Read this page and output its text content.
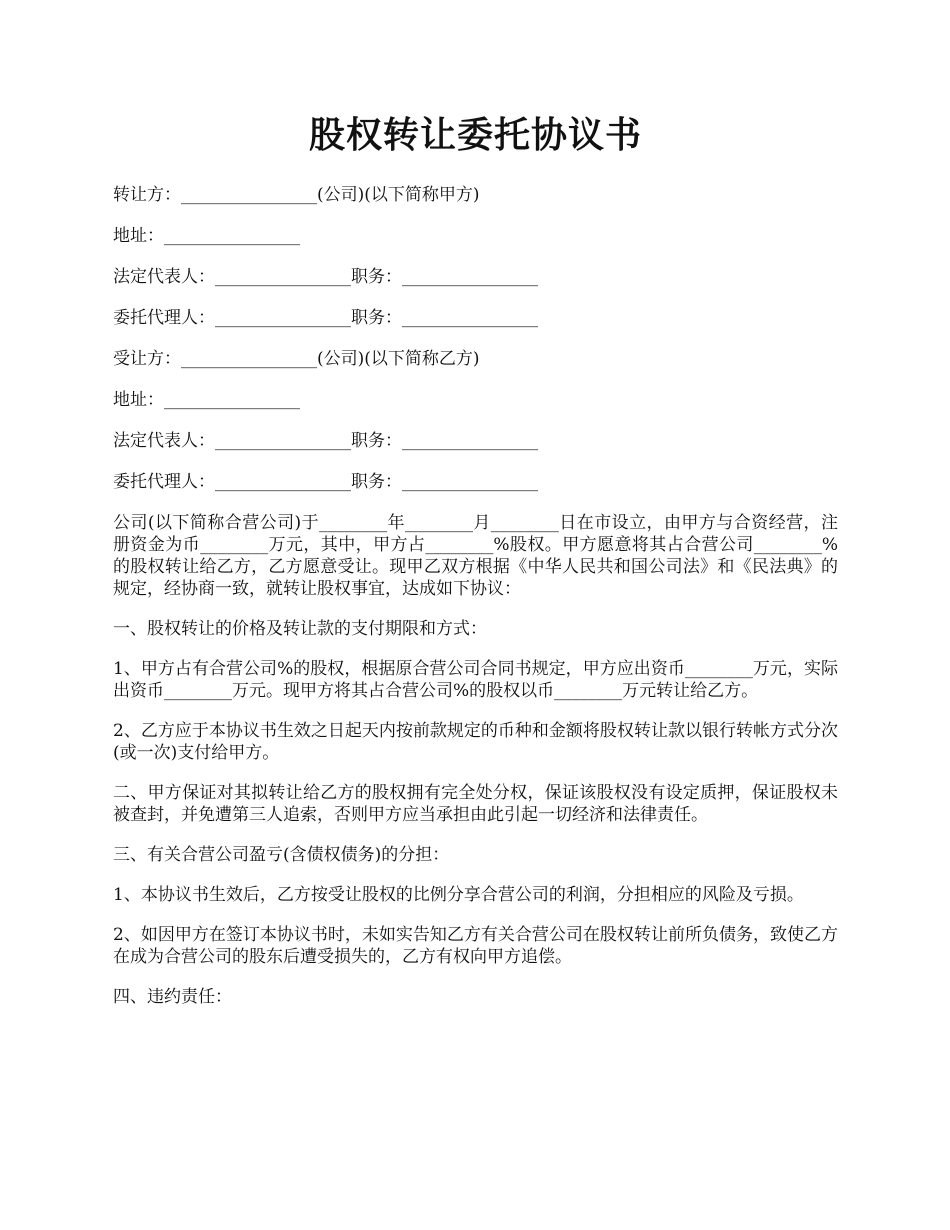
股权转让委托协议书

转让方：________________(公司)(以下简称甲方)

地址：________________

法定代表人：________________职务：________________

委托代理人：________________职务：________________

受让方：________________(公司)(以下简称乙方)

地址：________________

法定代表人：________________职务：________________

委托代理人：________________职务：________________

公司(以下简称合营公司)于________年________月________日在市设立，由甲方与合资经营，注册资金为币________万元，其中，甲方占________%股权。甲方愿意将其占合营公司________%的股权转让给乙方，乙方愿意受让。现甲乙双方根据《中华人民共和国公司法》和《民法典》的规定，经协商一致，就转让股权事宜，达成如下协议：

一、股权转让的价格及转让款的支付期限和方式：

1、甲方占有合营公司%的股权，根据原合营公司合同书规定，甲方应出资币________万元，实际出资币________万元。现甲方将其占合营公司%的股权以币________万元转让给乙方。

2、乙方应于本协议书生效之日起天内按前款规定的币种和金额将股权转让款以银行转帐方式分次(或一次)支付给甲方。

二、甲方保证对其拟转让给乙方的股权拥有完全处分权，保证该股权没有设定质押，保证股权未被查封，并免遭第三人追索，否则甲方应当承担由此引起一切经济和法律责任。

三、有关合营公司盈亏(含债权债务)的分担：

1、本协议书生效后，乙方按受让股权的比例分享合营公司的利润，分担相应的风险及亏损。

2、如因甲方在签订本协议书时，未如实告知乙方有关合营公司在股权转让前所负债务，致使乙方在成为合营公司的股东后遭受损失的，乙方有权向甲方追偿。

四、违约责任：
